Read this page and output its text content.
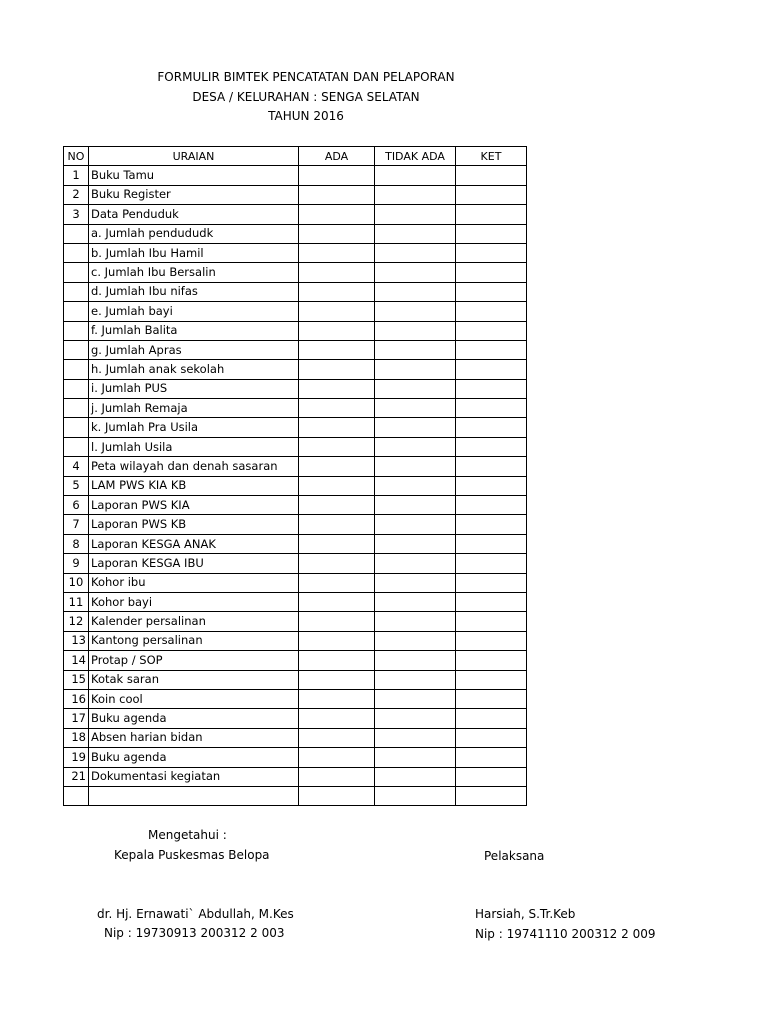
FORMULIR BIMTEK PENCATATAN DAN PELAPORAN
DESA / KELURAHAN : SENGA SELATAN
TAHUN 2016
NO	URAIAN	ADA	TIDAK ADA	KET
1	Buku Tamu			
2	Buku Register			
3	Data Penduduk			
	a. Jumlah pendududk			
	b. Jumlah Ibu Hamil			
	c. Jumlah Ibu Bersalin			
	d. Jumlah Ibu nifas			
	e. Jumlah bayi			
	f. Jumlah Balita			
	g. Jumlah Apras			
	h. Jumlah anak sekolah			
	i. Jumlah PUS			
	j. Jumlah Remaja			
	k. Jumlah Pra Usila			
	l. Jumlah Usila			
4	Peta wilayah dan denah sasaran			
5	LAM PWS KIA KB			
6	Laporan PWS KIA			
7	Laporan PWS KB			
8	Laporan KESGA ANAK			
9	Laporan KESGA IBU			
10	Kohor ibu			
11	Kohor bayi			
12	Kalender persalinan			
13	Kantong persalinan			
14	Protap / SOP			
15	Kotak saran			
16	Koin cool			
17	Buku agenda			
18	Absen harian bidan			
19	Buku agenda			
21	Dokumentasi kegiatan			

Mengetahui :
Kepala Puskesmas Belopa	Pelaksana
dr. Hj. Ernawati` Abdullah, M.Kes
Nip : 19730913 200312 2 003
Harsiah, S.Tr.Keb
Nip : 19741110 200312 2 009
